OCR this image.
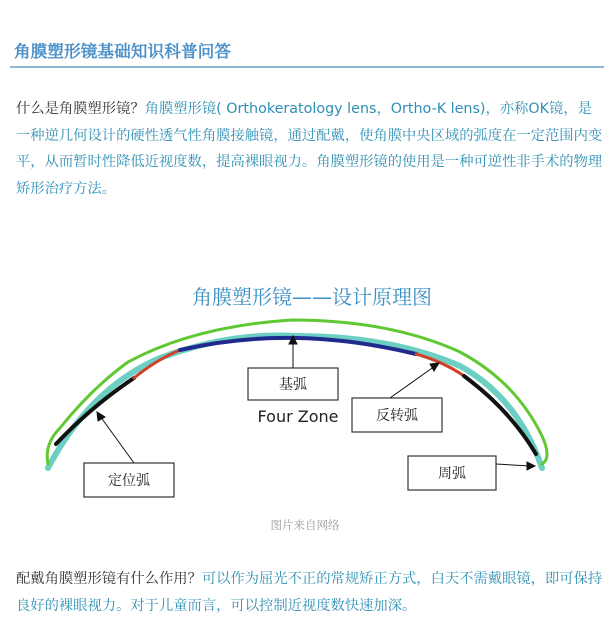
角膜塑形镜基础知识科普问答

什么是角膜塑形镜？角膜塑形镜( Orthokeratology lens，Ortho-K lens)，亦称OK镜，是一种逆几何设计的硬性透气性角膜接触镜，通过配戴，使角膜中央区域的弧度在一定范围内变平，从而暂时性降低近视度数，提高裸眼视力。角膜塑形镜的使用是一种可逆性非手术的物理矫形治疗方法。

角膜塑形镜——设计原理图
基弧
Four Zone	反转弧
定位弧	周弧
图片来自网络

配戴角膜塑形镜有什么作用？可以作为屈光不正的常规矫正方式，白天不需戴眼镜，即可保持良好的裸眼视力。对于儿童而言，可以控制近视度数快速加深。
